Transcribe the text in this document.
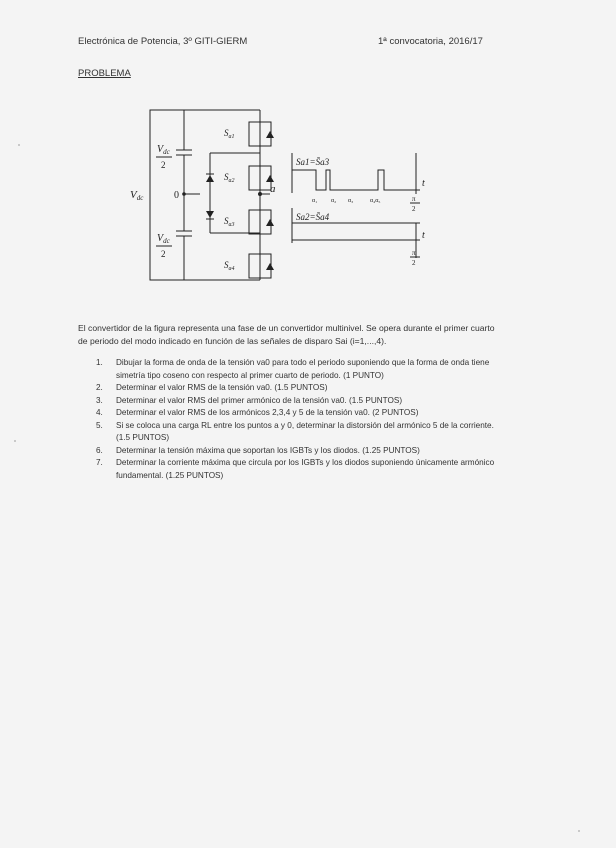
Electrónica de Potencia, 3º GITI-GIERM	1ª convocatoria, 2016/17
PROBLEMA
Vdc
$V_{dc}$
2
$V_{dc}$
2
0
a
$S_{a1}$
$S_{a2}$
$S_{a3}$
$S_{a4}$
Sa1=S̄a3
t
α₁ α₂ α₃	α₄α₅	π
2
Sa2=S̄a4
t
π
2
El convertidor de la figura representa una fase de un convertidor multinivel. Se opera durante el primer cuarto de periodo del modo indicado en función de las señales de disparo Sai (i=1,...,4).
1. Dibujar la forma de onda de la tensión va0 para todo el periodo suponiendo que la forma de onda tiene simetría tipo coseno con respecto al primer cuarto de periodo. (1 PUNTO)
2. Determinar el valor RMS de la tensión va0. (1.5 PUNTOS)
3. Determinar el valor RMS del primer armónico de la tensión va0. (1.5 PUNTOS)
4. Determinar el valor RMS de los armónicos 2,3,4 y 5 de la tensión va0. (2 PUNTOS)
5. Si se coloca una carga RL entre los puntos a y 0, determinar la distorsión del armónico 5 de la corriente. (1.5 PUNTOS)
6. Determinar la tensión máxima que soportan los IGBTs y los diodos. (1.25 PUNTOS)
7. Determinar la corriente máxima que circula por los IGBTs y los diodos suponiendo únicamente armónico fundamental. (1.25 PUNTOS)
